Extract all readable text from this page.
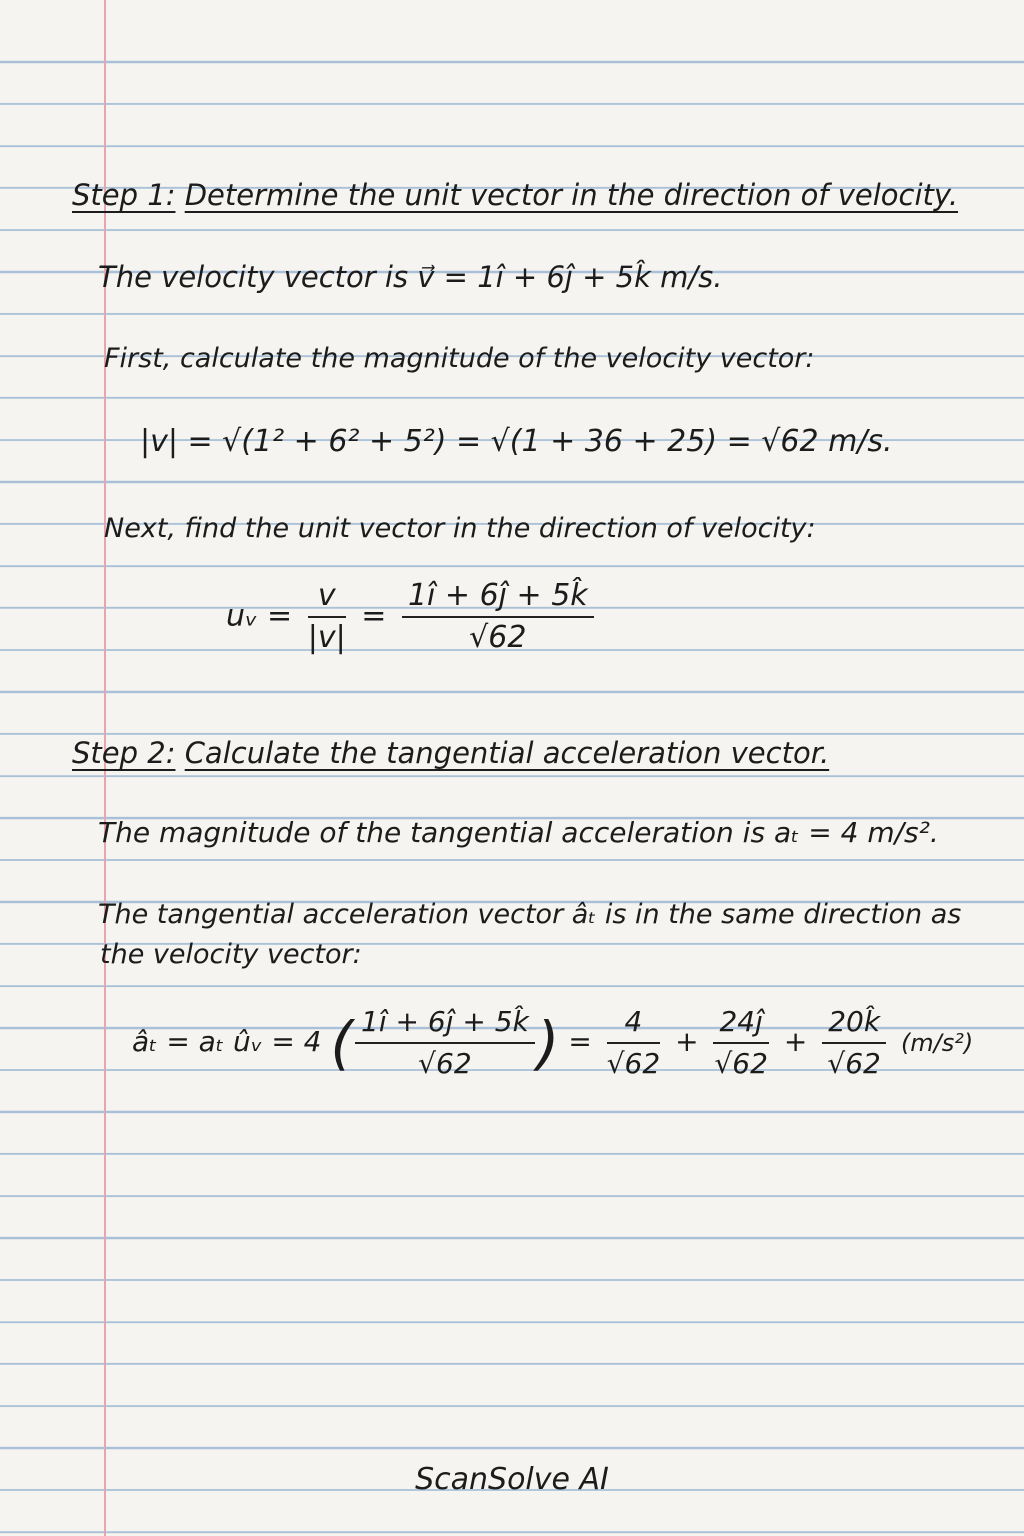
Step 1: Determine the unit vector in the direction of velocity.
The velocity vector is v⃗ = 1î + 6ĵ + 5k̂ m/s.
First, calculate the magnitude of the velocity vector:
|v| = √(1² + 6² + 5²) = √(1 + 36 + 25) = √62 m/s.
Next, find the unit vector in the direction of velocity:
uᵥ = $\frac{v}{|v|} = \frac{1î + 6ĵ + 5k̂}{√62}$
Step 2: Calculate the tangential acceleration vector.
The magnitude of the tangential acceleration is aₜ = 4 m/s².
The tangential acceleration vector âₜ is in the same direction as
the velocity vector:
âₜ = aₜ ûᵥ = 4 ( $\frac{1î + 6ĵ + 5k̂}{√62}$ ) = $\frac{4}{√62} + \frac{24ĵ}{√62} + \frac{20k̂}{√62} (m/s^2)$
ScanSolve AI
